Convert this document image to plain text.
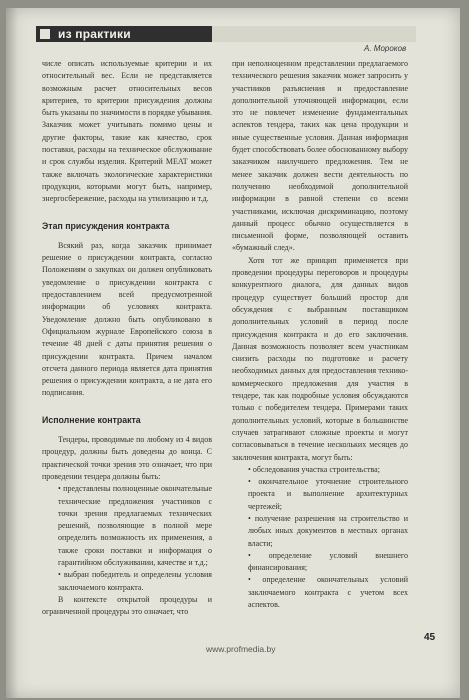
из практики
А. Мороков

числе описать используемые критерии и их относительный вес. Если не представляется возможным расчет относительных весов критериев, то критерии присуждения должны быть указаны по значимости в порядке убывания. Заказчик может учитывать помимо цены и другие факторы, такие как качество, срок поставки, расходы на техническое обслуживание и срок службы изделия. Критерий MEAT может также включать экологические характеристики продукции, которыми могут быть, например, энергосбережение, расходы на утилизацию и т.д.

Этап присуждения контракта

Всякий раз, когда заказчик принимает решение о присуждении контракта, согласно Положениям о закупках он должен опубликовать уведомление о присуждении контракта с предоставлением всей предусмотренной информации об условиях контракта. Уведомление должно быть опубликовано в Официальном журнале Европейского союза в течение 48 дней с даты принятия решения о присуждении контракта. Причем началом отсчета данного периода является дата принятия решения о присуждении контракта, а не дата его подписания.

Исполнение контракта

Тендеры, проводимые по любому из 4 видов процедур, должны быть доведены до конца. С практической точки зрения это означает, что при проведении тендера должны быть:

• представлены полноценные окончательные технические предложения участников с точки зрения предлагаемых технических решений, позволяющие в полной мере определить возможность их применения, а также сроки поставки и информация о гарантийном обслуживании, качестве и т.д.;

• выбран победитель и определены условия заключаемого контракта.

В контексте открытой процедуры и ограниченной процедуры это означает, что

при неполноценном представлении предлагаемого технического решения заказчик может запросить у участников разъяснения и предоставление дополнительной уточняющей информации, если это не повлечет изменение фундаментальных аспектов тендера, таких как цена продукции и иные существенные условия. Данная информация будет способствовать более обоснованному выбору заказчиком наилучшего предложения. Тем не менее заказчик должен вести деятельность по получению необходимой дополнительной информации в равной степени со всеми участниками, исключая дискриминацию, поэтому данный процесс обычно осуществляется в письменной форме, позволяющей оставить «бумажный след».

Хотя тот же принцип применяется при проведении процедуры переговоров и процедуры конкурентного диалога, для данных видов процедур существует больший простор для обсуждения с выбранным поставщиком дополнительных условий в период после присуждения контракта и до его заключения. Данная возможность позволяет всем участникам снизить расходы по подготовке и расчету необходимых данных для предоставления технико-коммерческого предложения для участия в тендере, так как подробные условия обсуждаются только с победителем тендера. Примерами таких дополнительных условий, которые в большинстве случаев затрагивают сложные проекты и могут согласовываться в течение нескольких месяцев до заключения контракта, могут быть:

• обследования участка строительства;

• окончательное уточнение строительного проекта и выполнение архитектурных чертежей;

• получение разрешения на строительство и любых иных документов в местных органах власти;

• определение условий внешнего финансирования;

• определение окончательных условий заключаемого контракта с учетом всех аспектов.

www.profmedia.by
45
